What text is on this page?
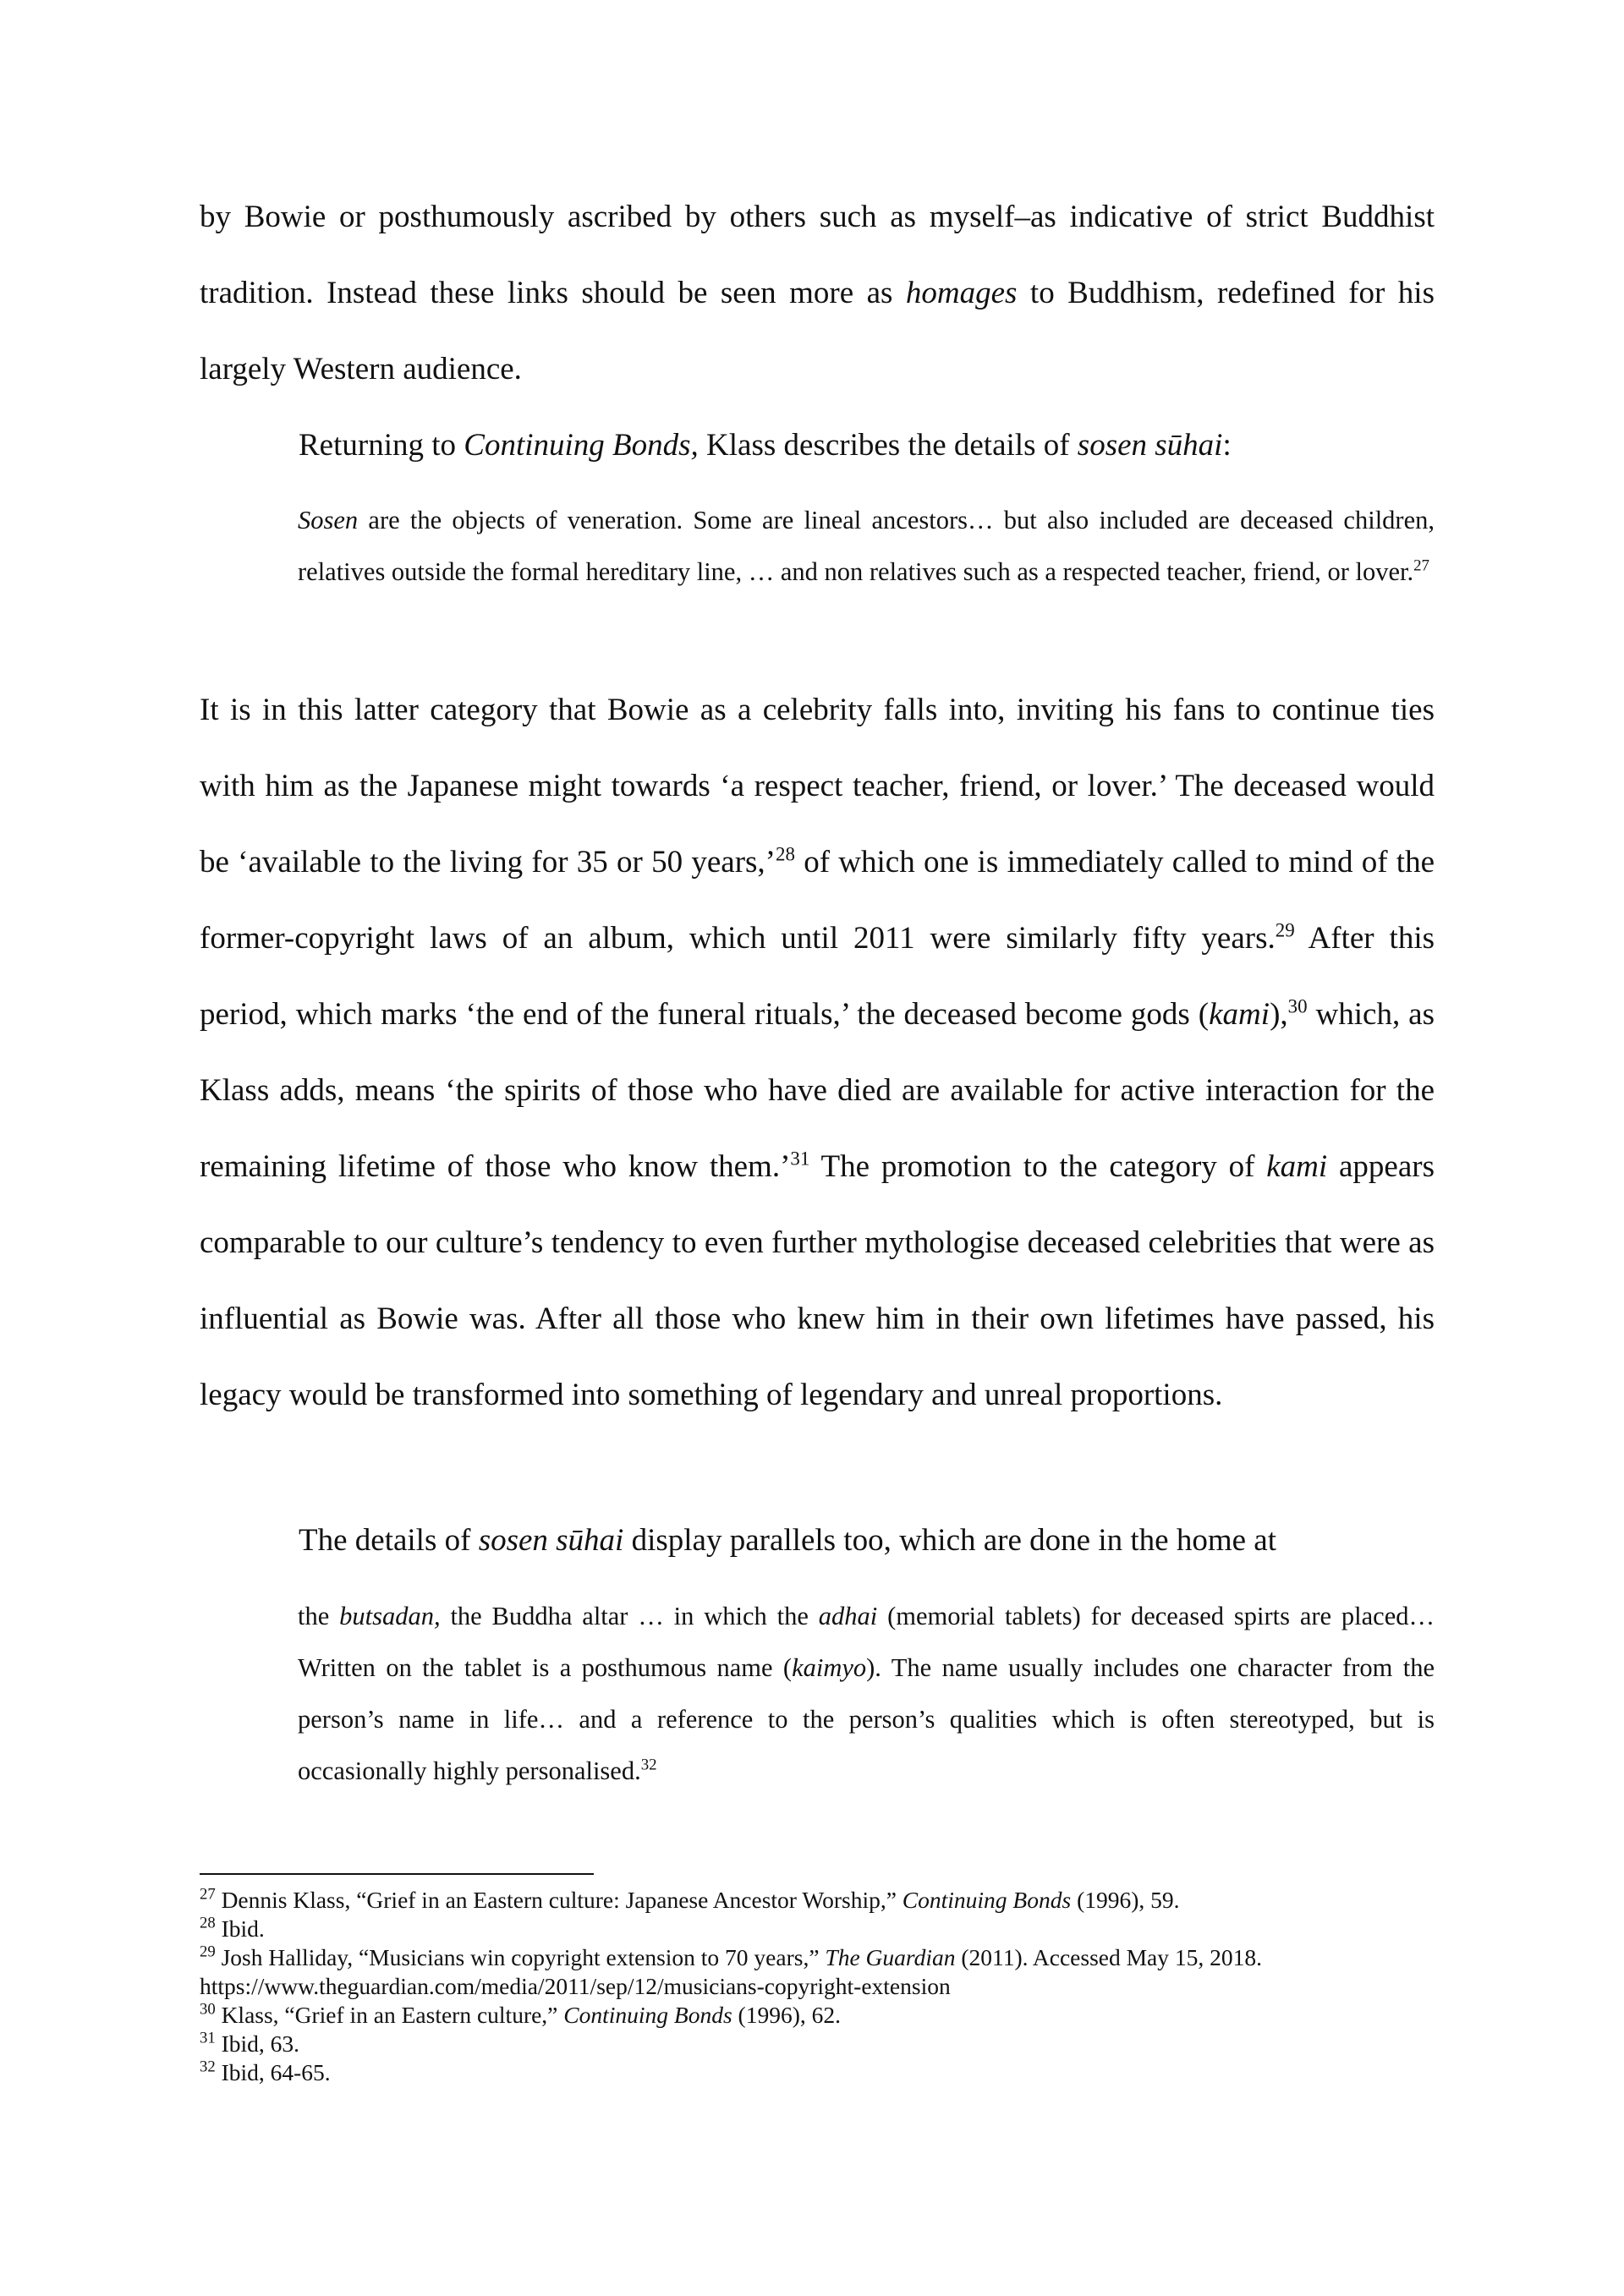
by Bowie or posthumously ascribed by others such as myself–as indicative of strict Buddhist

tradition. Instead these links should be seen more as homages to Buddhism, redefined for his

largely Western audience.

Returning to Continuing Bonds, Klass describes the details of sosen sūhai:

Sosen are the objects of veneration. Some are lineal ancestors… but also included are deceased children, relatives outside the formal hereditary line, … and non relatives such as a respected teacher, friend, or lover.$^{27}$

It is in this latter category that Bowie as a celebrity falls into, inviting his fans to continue ties with him as the Japanese might towards ‘a respect teacher, friend, or lover.’ The deceased would be ‘available to the living for 35 or 50 years,’$^{28}$ of which one is immediately called to mind of the former-copyright laws of an album, which until 2011 were similarly fifty years.$^{29}$ After this period, which marks ‘the end of the funeral rituals,’ the deceased become gods (kami),$^{30}$ which, as Klass adds, means ‘the spirits of those who have died are available for active interaction for the remaining lifetime of those who know them.’$^{31}$ The promotion to the category of kami appears comparable to our culture’s tendency to even further mythologise deceased celebrities that were as influential as Bowie was. After all those who knew him in their own lifetimes have passed, his legacy would be transformed into something of legendary and unreal proportions.

The details of sosen sūhai display parallels too, which are done in the home at

the butsadan, the Buddha altar … in which the adhai (memorial tablets) for deceased spirts are placed… Written on the tablet is a posthumous name (kaimyo). The name usually includes one character from the person’s name in life… and a reference to the person’s qualities which is often stereotyped, but is occasionally highly personalised.$^{32}$

$^{27}$ Dennis Klass, “Grief in an Eastern culture: Japanese Ancestor Worship,” Continuing Bonds (1996), 59.

$^{28}$ Ibid.

$^{29}$ Josh Halliday, “Musicians win copyright extension to 70 years,” The Guardian (2011). Accessed May 15, 2018. https://www.theguardian.com/media/2011/sep/12/musicians-copyright-extension

$^{30}$ Klass, “Grief in an Eastern culture,” Continuing Bonds (1996), 62.

$^{31}$ Ibid, 63.

$^{32}$ Ibid, 64-65.
